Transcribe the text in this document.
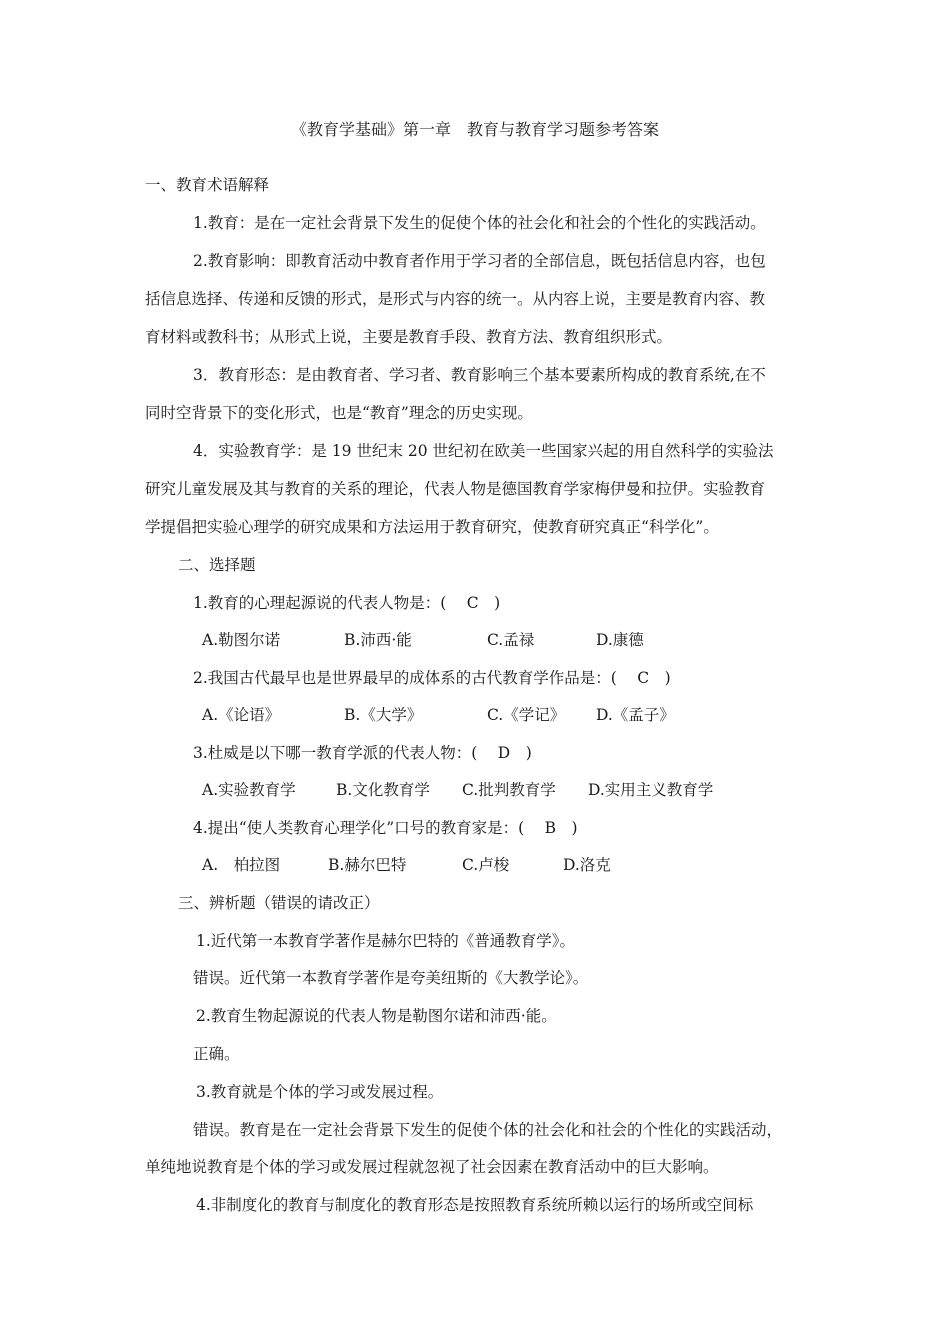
《教育学基础》第一章　教育与教育学习题参考答案
一、教育术语解释
1.教育：是在一定社会背景下发生的促使个体的社会化和社会的个性化的实践活动。
2.教育影响：即教育活动中教育者作用于学习者的全部信息，既包括信息内容，也包
括信息选择、传递和反馈的形式，是形式与内容的统一。从内容上说，主要是教育内容、教
育材料或教科书；从形式上说，主要是教育手段、教育方法、教育组织形式。
3．教育形态：是由教育者、学习者、教育影响三个基本要素所构成的教育系统,在不
同时空背景下的变化形式，也是“教育”理念的历史实现。
4．实验教育学：是 19 世纪末 20 世纪初在欧美一些国家兴起的用自然科学的实验法
研究儿童发展及其与教育的关系的理论，代表人物是德国教育学家梅伊曼和拉伊。实验教育
学提倡把实验心理学的研究成果和方法运用于教育研究，使教育研究真正“科学化”。
二、选择题
1.教育的心理起源说的代表人物是：(　 C　)
A.勒图尔诺	B.沛西·能	C.孟禄	D.康德
2.我国古代最早也是世界最早的成体系的古代教育学作品是：(　 C　)
A.《论语》	B.《大学》	C.《学记》 D.《孟子》
3.杜威是以下哪一教育学派的代表人物：(　 D　)
A.实验教育学	B.文化教育学 C.批判教育学 D.实用主义教育学
4.提出“使人类教育心理学化”口号的教育家是：(　 B　)
A.　柏拉图	B.赫尔巴特	C.卢梭	D.洛克
三、辨析题（错误的请改正）
1.近代第一本教育学著作是赫尔巴特的《普通教育学》。
错误。近代第一本教育学著作是夸美纽斯的《大教学论》。
2.教育生物起源说的代表人物是勒图尔诺和沛西·能。
正确。
3.教育就是个体的学习或发展过程。
错误。教育是在一定社会背景下发生的促使个体的社会化和社会的个性化的实践活动，
单纯地说教育是个体的学习或发展过程就忽视了社会因素在教育活动中的巨大影响。
4.非制度化的教育与制度化的教育形态是按照教育系统所赖以运行的场所或空间标
